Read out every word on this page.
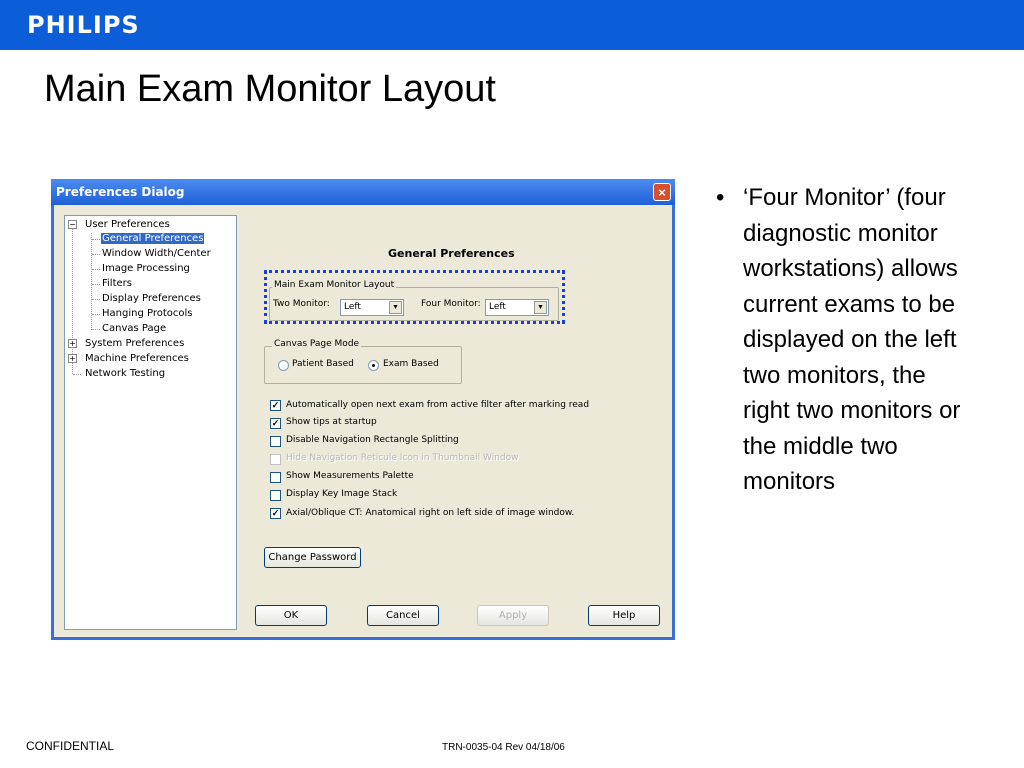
PHILIPS
Main Exam Monitor Layout
Preferences Dialog	×
− User Preferences
General Preferences
Window Width/Center
Image Processing
Filters
Display Preferences
Hanging Protocols
Canvas Page
+ System Preferences
+ Machine Preferences
Network Testing
General Preferences
Main Exam Monitor Layout
Two Monitor: Left	▼	Four Monitor: Left	▼
Canvas Page Mode
Patient Based	Exam Based
✓ Automatically open next exam from active filter after marking read
✓ Show tips at startup
Disable Navigation Rectangle Splitting
Hide Navigation Reticule Icon in Thumbnail Window
Show Measurements Palette
Display Key Image Stack
✓ Axial/Oblique CT: Anatomical right on left side of image window.
Change Password
OK	Cancel	Apply	Help
• ‘Four Monitor’ (four diagnostic monitor workstations) allows current exams to be displayed on the left two monitors, the right two monitors or the middle two monitors
CONFIDENTIAL	TRN-0035-04 Rev 04/18/06
